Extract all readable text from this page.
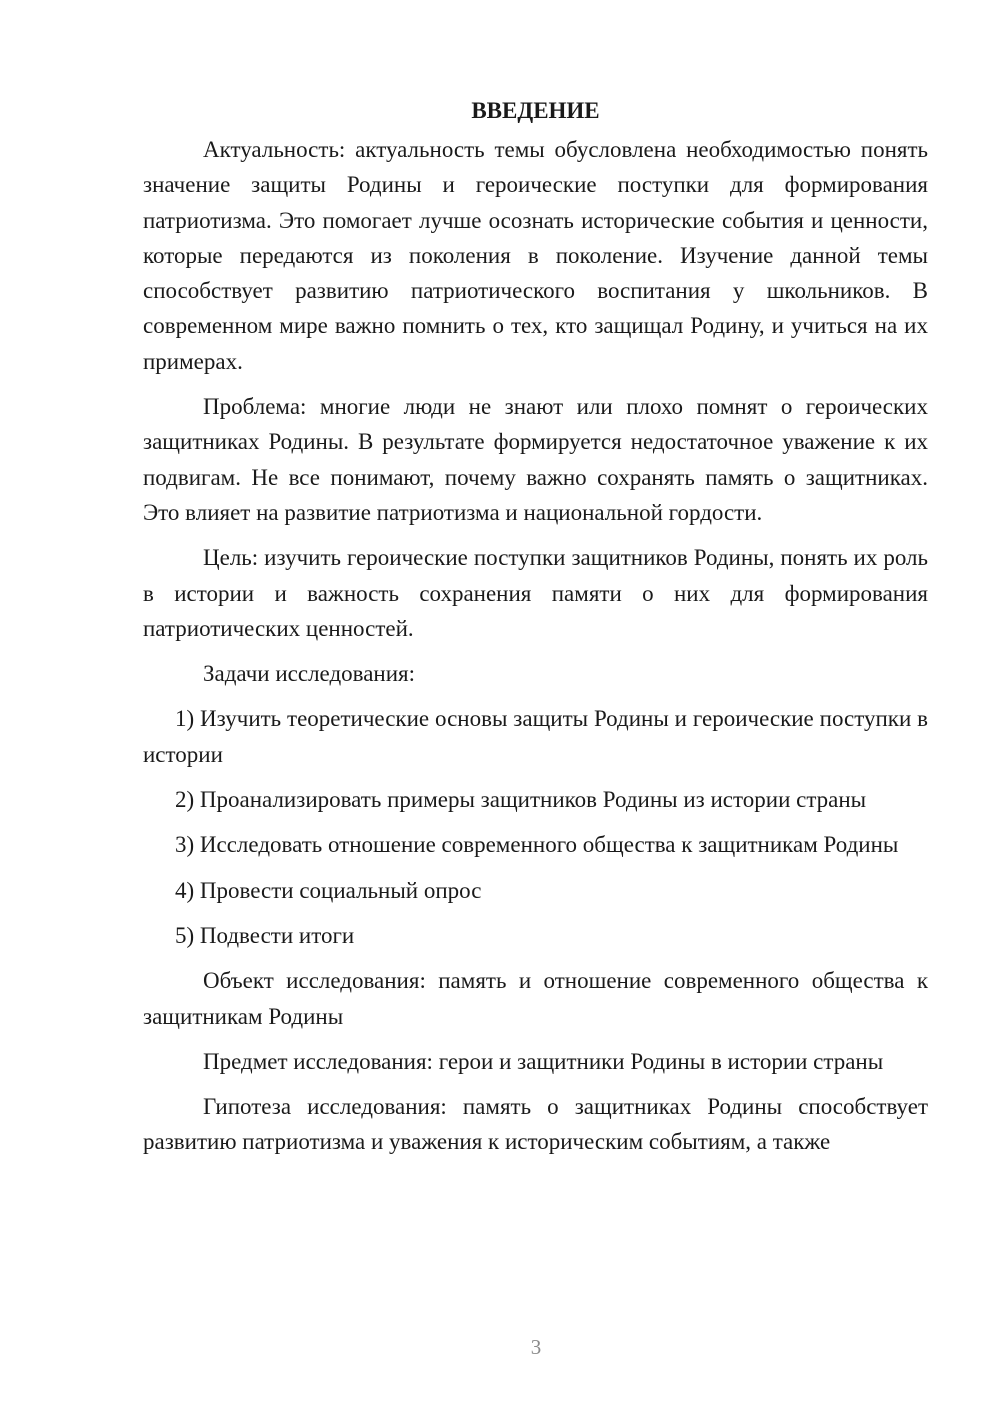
ВВЕДЕНИЕ

Актуальность: актуальность темы обусловлена необходимостью понять значение защиты Родины и героические поступки для формирования патриотизма. Это помогает лучше осознать исторические события и ценности, которые передаются из поколения в поколение. Изучение данной темы способствует развитию патриотического воспитания у школьников. В современном мире важно помнить о тех, кто защищал Родину, и учиться на их примерах.

Проблема: многие люди не знают или плохо помнят о героических защитниках Родины. В результате формируется недостаточное уважение к их подвигам. Не все понимают, почему важно сохранять память о защитниках. Это влияет на развитие патриотизма и национальной гордости.

Цель: изучить героические поступки защитников Родины, понять их роль в истории и важность сохранения памяти о них для формирования патриотических ценностей.

Задачи исследования:

1) Изучить теоретические основы защиты Родины и героические поступки в истории

2) Проанализировать примеры защитников Родины из истории страны

3) Исследовать отношение современного общества к защитникам Родины

4) Провести социальный опрос

5) Подвести итоги

Объект исследования: память и отношение современного общества к защитникам Родины

Предмет исследования: герои и защитники Родины в истории страны

Гипотеза исследования: память о защитниках Родины способствует развитию патриотизма и уважения к историческим событиям, а также

3
